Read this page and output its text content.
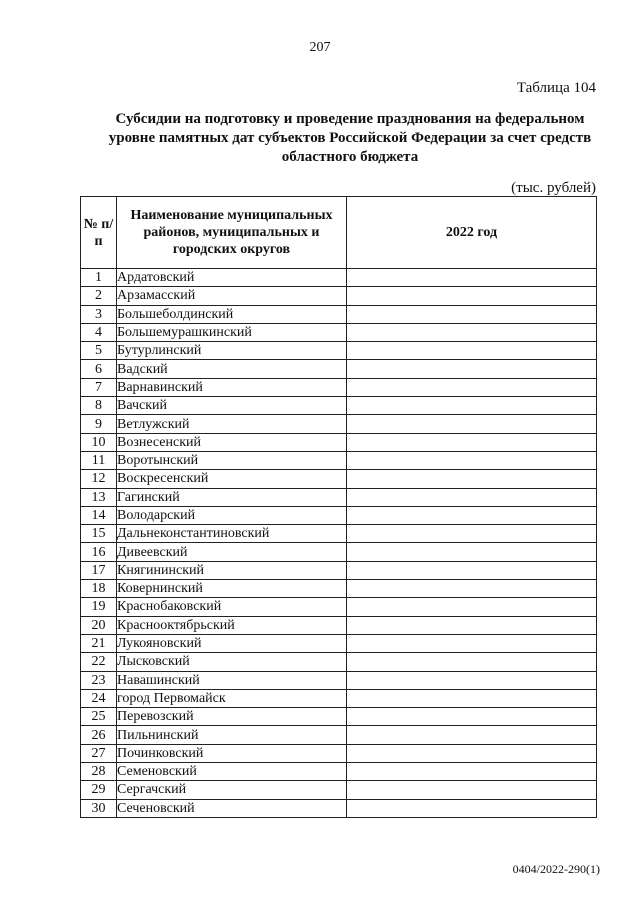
207
Таблица 104
Субсидии на подготовку и проведение празднования на федеральном уровне памятных дат субъектов Российской Федерации за счет средств областного бюджета
(тыс. рублей)
№ п/п	Наименование муниципальных районов, муниципальных и городских округов	2022 год
1	Ардатовский	
2	Арзамасский	
3	Большеболдинский	
4	Большемурашкинский	
5	Бутурлинский	
6	Вадский	
7	Варнавинский	
8	Вачский	
9	Ветлужский	
10	Вознесенский	
11	Воротынский	
12	Воскресенский	
13	Гагинский	
14	Володарский	
15	Дальнеконстантиновский	
16	Дивеевский	
17	Княгининский	
18	Ковернинский	
19	Краснобаковский	
20	Краснооктябрьский	
21	Лукояновский	
22	Лысковский	
23	Навашинский	
24	город Первомайск	
25	Перевозский	
26	Пильнинский	
27	Починковский	
28	Семеновский	
29	Сергачский	
30	Сеченовский	
0404/2022-290(1)
